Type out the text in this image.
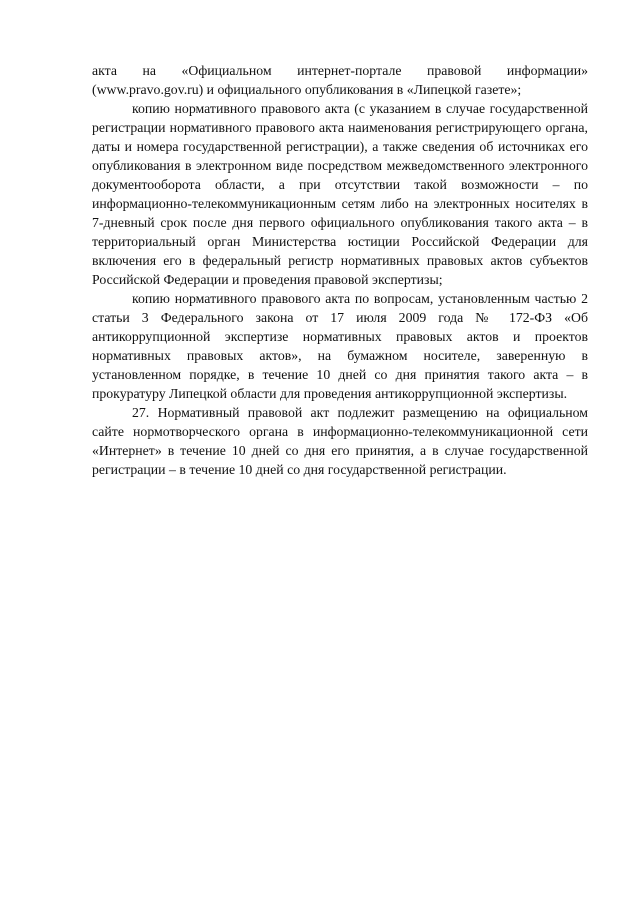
акта на «Официальном интернет-портале правовой информации» (www.pravo.gov.ru) и официального опубликования в «Липецкой газете»;

копию нормативного правового акта (с указанием в случае государственной регистрации нормативного правового акта наименования регистрирующего органа, даты и номера государственной регистрации), а также сведения об источниках его опубликования в электронном виде посредством межведомственного электронного документооборота области, а при отсутствии такой возможности – по информационно-телекоммуникационным сетям либо на электронных носителях в 7-дневный срок после дня первого официального опубликования такого акта – в территориальный орган Министерства юстиции Российской Федерации для включения его в федеральный регистр нормативных правовых актов субъектов Российской Федерации и проведения правовой экспертизы;

копию нормативного правового акта по вопросам, установленным частью 2 статьи 3 Федерального закона от 17 июля 2009 года № 172-ФЗ «Об антикоррупционной экспертизе нормативных правовых актов и проектов нормативных правовых актов», на бумажном носителе, заверенную в установленном порядке, в течение 10 дней со дня принятия такого акта – в прокуратуру Липецкой области для проведения антикоррупционной экспертизы.

27. Нормативный правовой акт подлежит размещению на официальном сайте нормотворческого органа в информационно-телекоммуникационной сети «Интернет» в течение 10 дней со дня его принятия, а в случае государственной регистрации – в течение 10 дней со дня государственной регистрации.
